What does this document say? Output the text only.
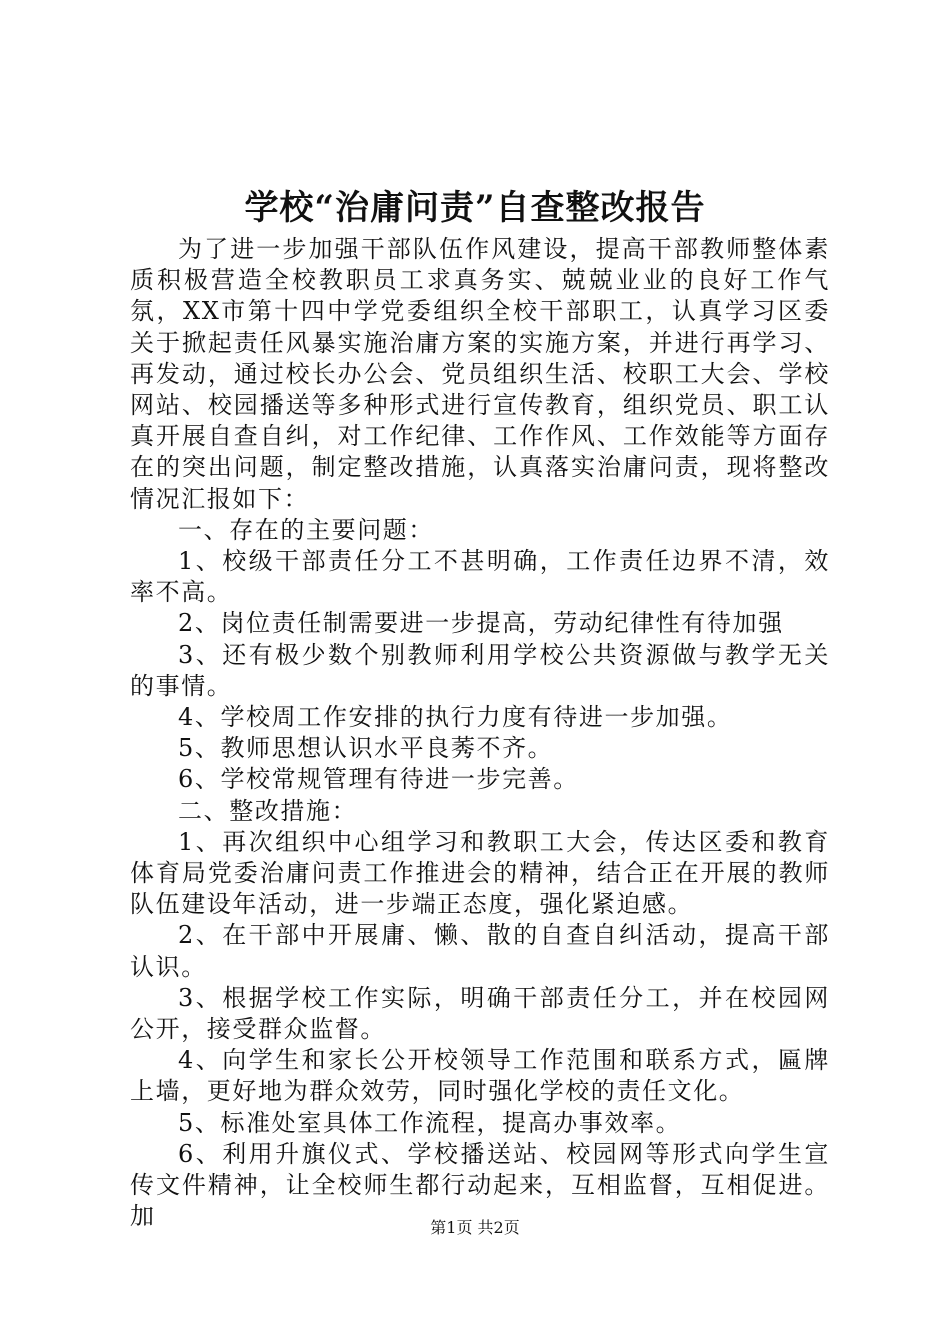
学校“治庸问责”自查整改报告

为了进一步加强干部队伍作风建设，提高干部教师整体素质积极营造全校教职员工求真务实、兢兢业业的良好工作气氛，XX市第十四中学党委组织全校干部职工，认真学习区委关于掀起责任风暴实施治庸方案的实施方案，并进行再学习、再发动，通过校长办公会、党员组织生活、校职工大会、学校网站、校园播送等多种形式进行宣传教育，组织党员、职工认真开展自查自纠，对工作纪律、工作作风、工作效能等方面存在的突出问题，制定整改措施，认真落实治庸问责，现将整改情况汇报如下：

一、存在的主要问题：

1、校级干部责任分工不甚明确，工作责任边界不清，效率不高。

2、岗位责任制需要进一步提高，劳动纪律性有待加强

3、还有极少数个别教师利用学校公共资源做与教学无关的事情。

4、学校周工作安排的执行力度有待进一步加强。

5、教师思想认识水平良莠不齐。

6、学校常规管理有待进一步完善。

二、整改措施：

1、再次组织中心组学习和教职工大会，传达区委和教育体育局党委治庸问责工作推进会的精神，结合正在开展的教师队伍建设年活动，进一步端正态度，强化紧迫感。

2、在干部中开展庸、懒、散的自查自纠活动，提高干部认识。

3、根据学校工作实际，明确干部责任分工，并在校园网公开，接受群众监督。

4、向学生和家长公开校领导工作范围和联系方式，匾牌上墙，更好地为群众效劳，同时强化学校的责任文化。

5、标准处室具体工作流程，提高办事效率。

6、利用升旗仪式、学校播送站、校园网等形式向学生宣传文件精神，让全校师生都行动起来，互相监督，互相促进。加	第1页 共2页
